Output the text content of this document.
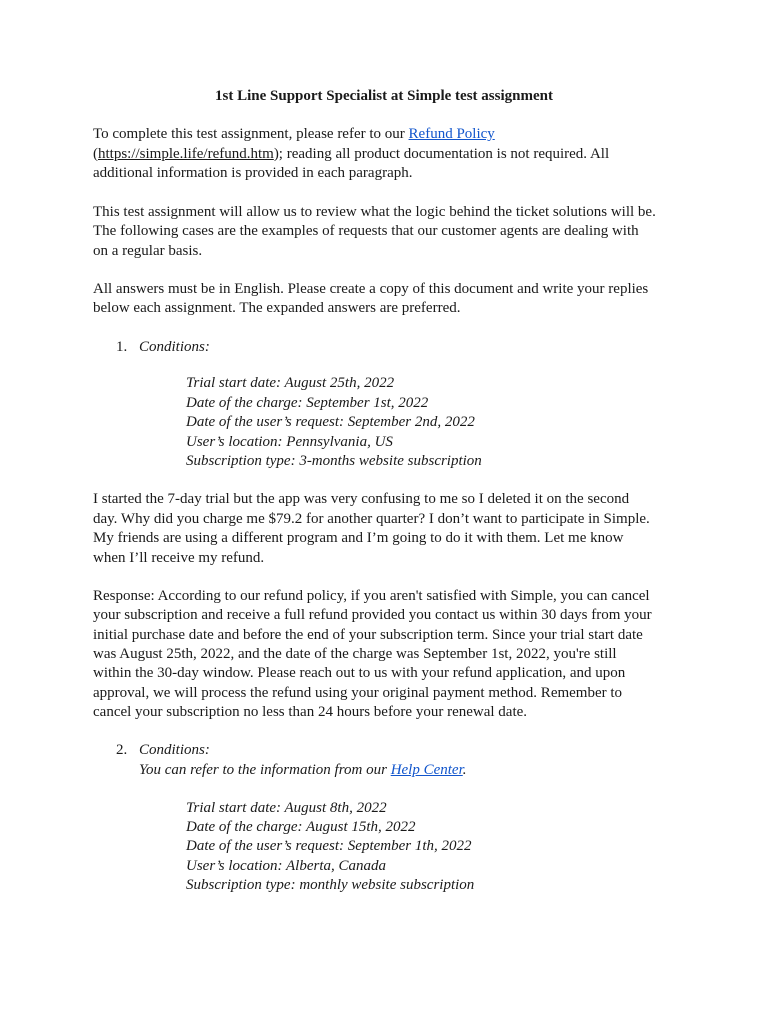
1st Line Support Specialist at Simple test assignment
To complete this test assignment, please refer to our Refund Policy
(https://simple.life/refund.htm); reading all product documentation is not required. All
additional information is provided in each paragraph.
This test assignment will allow us to review what the logic behind the ticket solutions will be.
The following cases are the examples of requests that our customer agents are dealing with
on a regular basis.
All answers must be in English. Please create a copy of this document and write your replies
below each assignment. The expanded answers are preferred.
1. Conditions:
Trial start date: August 25th, 2022
Date of the charge: September 1st, 2022
Date of the user’s request: September 2nd, 2022
User’s location: Pennsylvania, US
Subscription type: 3-months website subscription
I started the 7-day trial but the app was very confusing to me so I deleted it on the second
day. Why did you charge me $79.2 for another quarter? I don’t want to participate in Simple.
My friends are using a different program and I’m going to do it with them. Let me know
when I’ll receive my refund.
Response: According to our refund policy, if you aren't satisfied with Simple, you can cancel
your subscription and receive a full refund provided you contact us within 30 days from your
initial purchase date and before the end of your subscription term. Since your trial start date
was August 25th, 2022, and the date of the charge was September 1st, 2022, you're still
within the 30-day window. Please reach out to us with your refund application, and upon
approval, we will process the refund using your original payment method. Remember to
cancel your subscription no less than 24 hours before your renewal date.
2. Conditions:
You can refer to the information from our Help Center.
Trial start date: August 8th, 2022
Date of the charge: August 15th, 2022
Date of the user’s request: September 1th, 2022
User’s location: Alberta, Canada
Subscription type: monthly website subscription
